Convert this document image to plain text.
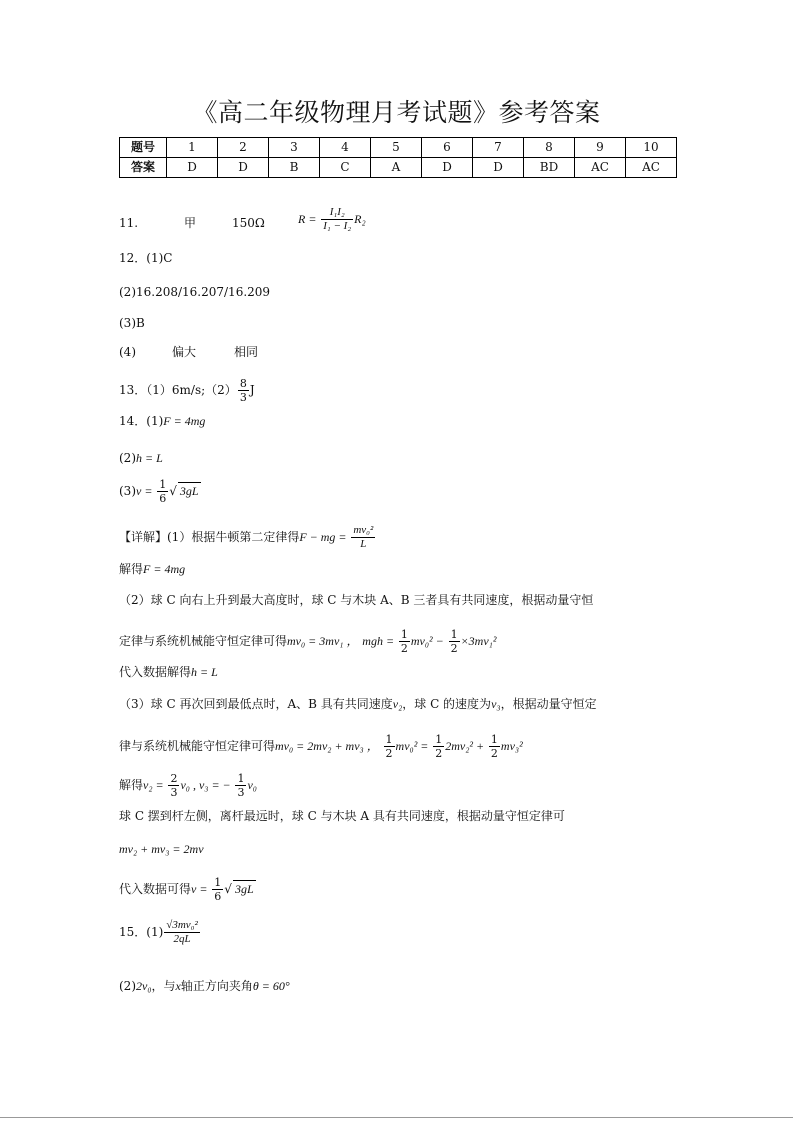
《高二年级物理月考试题》参考答案
题号	1	2	3	4	5	6	7	8	9	10
答案	D	D	B	C	A	D	D	BD	AC	AC
11.	甲	150Ω	$R = \frac{\text{I₁I₂}}{\text{I₁ − I₂}} R_2$
12．(1)C
(2)16.208/16.207/16.209
(3)B
(4)	偏大	相同
13．（1）6m/s;（2） $\frac{8}{3}$ J
14．(1)F = 4mg
(2)h = L
$(3)v = \frac{1}{6}$ √ 3gL
【详解】(1）根据牛顿第二定律得F − mg = $\frac{\text{mv₀²}}{L}$
解得F = 4mg
（2）球 C 向右上升到最大高度时，球 C 与木块 A、B 三者具有共同速度，根据动量守恒
定律与系统机械能守恒定律可得mv₀ = 3mv₁ ， mgh = $\frac{1}{2} mv_0^2 - \frac{1}{2} \times 3mv_1^2$
代入数据解得h = L
（3）球 C 再次回到最低点时，A、B 具有共同速度v₂，球 C 的速度为v₃，根据动量守恒定
律与系统机械能守恒定律可得mv₀ = 2mv₂ + mv₃ ， $\frac{1}{2} mv_0^2 = \frac{1}{2} 2mv_2^2 + \frac{1}{2} mv_3^2$
解得$v_2 = \frac{2}{3} v_0$ , v₃ = − $\frac{1}{3} v_0$
球 C 摆到杆左侧，离杆最远时，球 C 与木块 A 具有共同速度，根据动量守恒定律可
mv₂ + mv₃ = 2mv
代入数据可得$v = \frac{1}{6}$ √ 3gL
15．$(1) \frac{\text{√3mv₀²}}{2qL}$
(2)2v₀，与x轴正方向夹角θ = 60°
